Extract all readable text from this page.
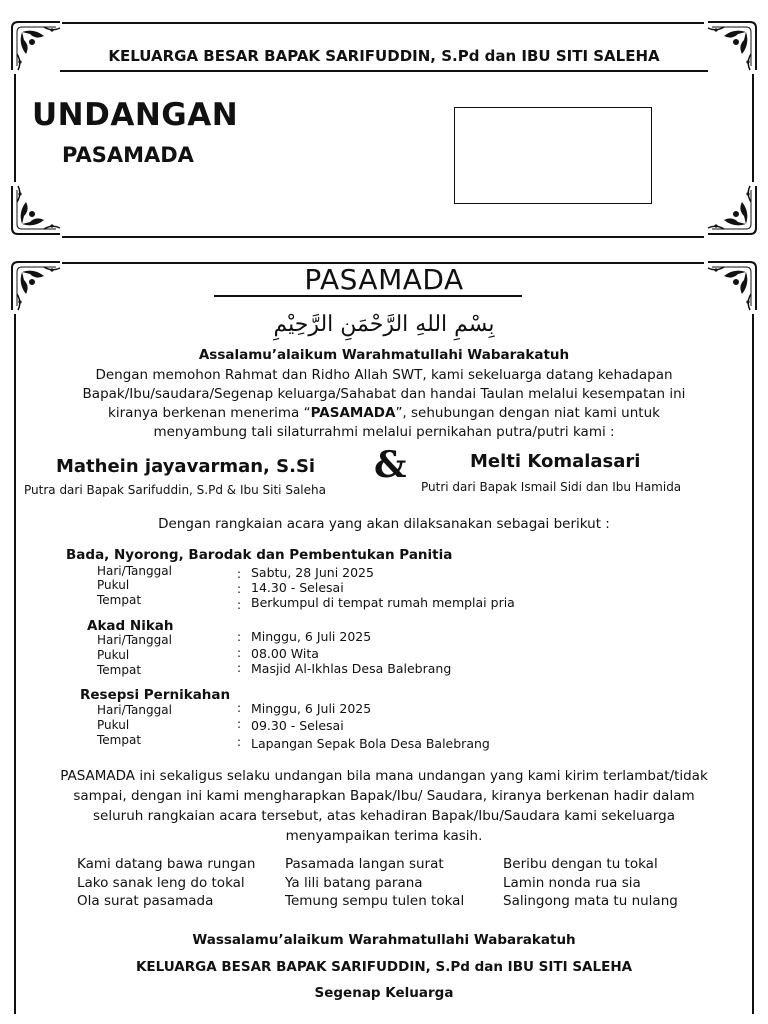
KELUARGA BESAR BAPAK SARIFUDDIN, S.Pd dan IBU SITI SALEHA
UNDANGAN
PASAMADA
PASAMADA
بِسْمِ اللهِ الرَّحْمَنِ الرَّحِيْمِ
Assalamu’alaikum Warahmatullahi Wabarakatuh
Dengan memohon Rahmat dan Ridho Allah SWT, kami sekeluarga datang kehadapan
Bapak/Ibu/saudara/Segenap keluarga/Sahabat dan handai Taulan melalui kesempatan ini
kiranya berkenan menerima “PASAMADA”, sehubungan dengan niat kami untuk
menyambung tali silaturrahmi melalui pernikahan putra/putri kami :
Mathein jayavarman, S.Si
Putra dari Bapak Sarifuddin, S.Pd & Ibu Siti Saleha
&	Melti Komalasari
Putri dari Bapak Ismail Sidi dan Ibu Hamida
Dengan rangkaian acara yang akan dilaksanakan sebagai berikut :
Bada, Nyorong, Barodak dan Pembentukan Panitia
Hari/Tanggal	: Sabtu, 28 Juni 2025
Pukul	: 14.30 - Selesai
Tempat	: Berkumpul di tempat rumah memplai pria
Akad Nikah
Hari/Tanggal	: Minggu, 6 Juli 2025
Pukul	: 08.00 Wita
Tempat	: Masjid Al-Ikhlas Desa Balebrang
Resepsi Pernikahan
Hari/Tanggal	: Minggu, 6 Juli 2025
Pukul	: 09.30 - Selesai
Tempat	: Lapangan Sepak Bola Desa Balebrang
PASAMADA ini sekaligus selaku undangan bila mana undangan yang kami kirim terlambat/tidak
sampai, dengan ini kami mengharapkan Bapak/Ibu/ Saudara, kiranya berkenan hadir dalam
seluruh rangkaian acara tersebut, atas kehadiran Bapak/Ibu/Saudara kami sekeluarga
menyampaikan terima kasih.
Kami datang bawa rungan
Lako sanak leng do tokal
Ola surat pasamada
Pasamada langan surat
Ya lili batang parana
Temung sempu tulen tokal
Beribu dengan tu tokal
Lamin nonda rua sia
Salingong mata tu nulang
Wassalamu’alaikum Warahmatullahi Wabarakatuh
KELUARGA BESAR BAPAK SARIFUDDIN, S.Pd dan IBU SITI SALEHA
Segenap Keluarga
